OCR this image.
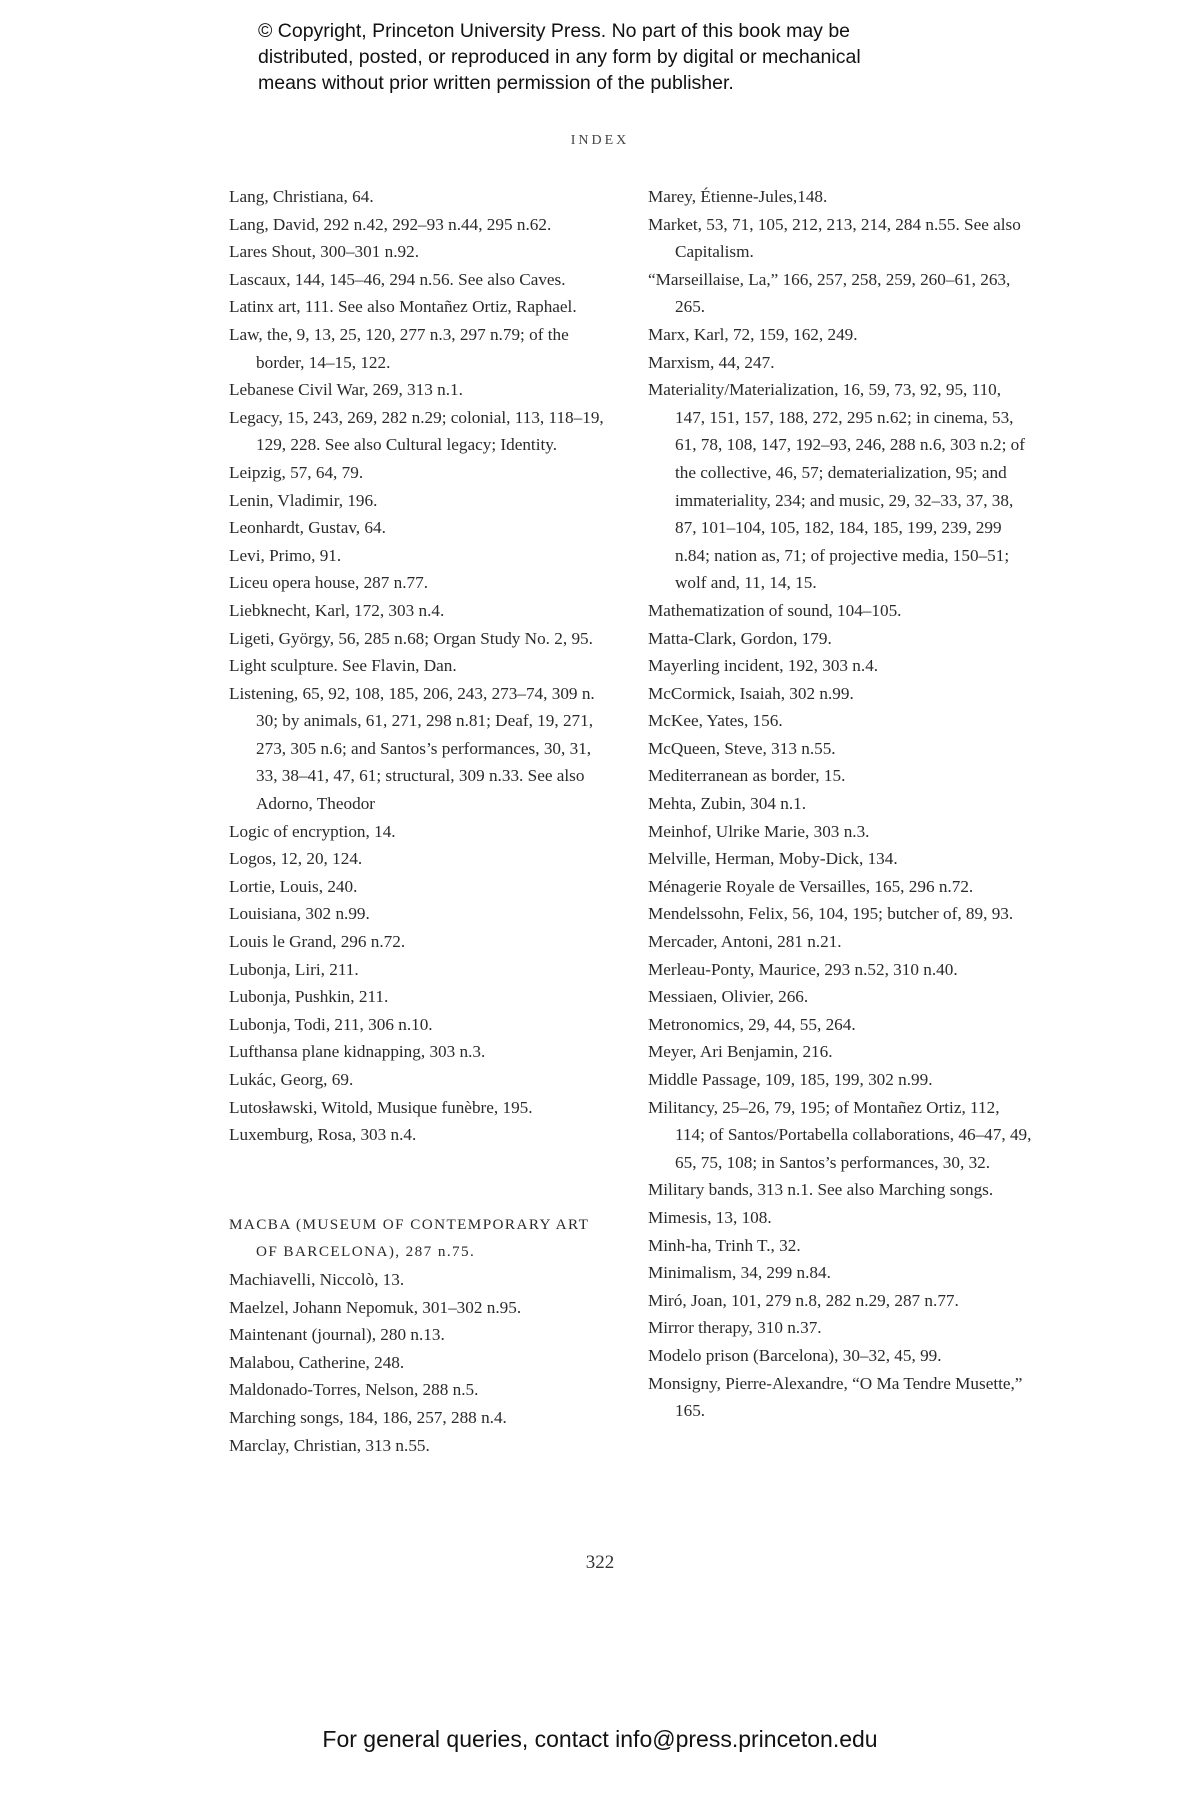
© Copyright, Princeton University Press. No part of this book may be
distributed, posted, or reproduced in any form by digital or mechanical
means without prior written permission of the publisher.
INDEX

Lang, Christiana, 64.

Lang, David, 292 n.42, 292–93 n.44, 295 n.62.

Lares Shout, 300–301 n.92.

Lascaux, 144, 145–46, 294 n.56. See also Caves.

Latinx art, 111. See also Montañez Ortiz, Raphael.

Law, the, 9, 13, 25, 120, 277 n.3, 297 n.79; of the border, 14–15, 122.

Lebanese Civil War, 269, 313 n.1.

Legacy, 15, 243, 269, 282 n.29; colonial, 113, 118–19, 129, 228. See also Cultural legacy; Identity.

Leipzig, 57, 64, 79.

Lenin, Vladimir, 196.

Leonhardt, Gustav, 64.

Levi, Primo, 91.

Liceu opera house, 287 n.77.

Liebknecht, Karl, 172, 303 n.4.

Ligeti, György, 56, 285 n.68; Organ Study No. 2, 95.

Light sculpture. See Flavin, Dan.

Listening, 65, 92, 108, 185, 206, 243, 273–74, 309 n. 30; by animals, 61, 271, 298 n.81; Deaf, 19, 271, 273, 305 n.6; and Santos’s performances, 30, 31, 33, 38–41, 47, 61; structural, 309 n.33. See also Adorno, Theodor

Logic of encryption, 14.

Logos, 12, 20, 124.

Lortie, Louis, 240.

Louisiana, 302 n.99.

Louis le Grand, 296 n.72.

Lubonja, Liri, 211.

Lubonja, Pushkin, 211.

Lubonja, Todi, 211, 306 n.10.

Lufthansa plane kidnapping, 303 n.3.

Lukác, Georg, 69.

Lutosławski, Witold, Musique funèbre, 195.

Luxemburg, Rosa, 303 n.4.

MACBA (MUSEUM OF CONTEMPORARY ART OF BARCELONA), 287 n.75.

Machiavelli, Niccolò, 13.

Maelzel, Johann Nepomuk, 301–302 n.95.

Maintenant (journal), 280 n.13.

Malabou, Catherine, 248.

Maldonado-Torres, Nelson, 288 n.5.

Marching songs, 184, 186, 257, 288 n.4.

Marclay, Christian, 313 n.55.

Marey, Étienne-Jules,148.

Market, 53, 71, 105, 212, 213, 214, 284 n.55. See also Capitalism.

“Marseillaise, La,” 166, 257, 258, 259, 260–61, 263, 265.

Marx, Karl, 72, 159, 162, 249.

Marxism, 44, 247.

Materiality/Materialization, 16, 59, 73, 92, 95, 110, 147, 151, 157, 188, 272, 295 n.62; in cinema, 53, 61, 78, 108, 147, 192–93, 246, 288 n.6, 303 n.2; of the collective, 46, 57; dematerialization, 95; and immateriality, 234; and music, 29, 32–33, 37, 38, 87, 101–104, 105, 182, 184, 185, 199, 239, 299 n.84; nation as, 71; of projective media, 150–51; wolf and, 11, 14, 15.

Mathematization of sound, 104–105.

Matta-Clark, Gordon, 179.

Mayerling incident, 192, 303 n.4.

McCormick, Isaiah, 302 n.99.

McKee, Yates, 156.

McQueen, Steve, 313 n.55.

Mediterranean as border, 15.

Mehta, Zubin, 304 n.1.

Meinhof, Ulrike Marie, 303 n.3.

Melville, Herman, Moby-Dick, 134.

Ménagerie Royale de Versailles, 165, 296 n.72.

Mendelssohn, Felix, 56, 104, 195; butcher of, 89, 93.

Mercader, Antoni, 281 n.21.

Merleau-Ponty, Maurice, 293 n.52, 310 n.40.

Messiaen, Olivier, 266.

Metronomics, 29, 44, 55, 264.

Meyer, Ari Benjamin, 216.

Middle Passage, 109, 185, 199, 302 n.99.

Militancy, 25–26, 79, 195; of Montañez Ortiz, 112, 114; of Santos/Portabella collaborations, 46–47, 49, 65, 75, 108; in Santos’s performances, 30, 32.

Military bands, 313 n.1. See also Marching songs.

Mimesis, 13, 108.

Minh-ha, Trinh T., 32.

Minimalism, 34, 299 n.84.

Miró, Joan, 101, 279 n.8, 282 n.29, 287 n.77.

Mirror therapy, 310 n.37.

Modelo prison (Barcelona), 30–32, 45, 99.

Monsigny, Pierre-Alexandre, “O Ma Tendre Musette,” 165.

322
For general queries, contact info@press.princeton.edu
